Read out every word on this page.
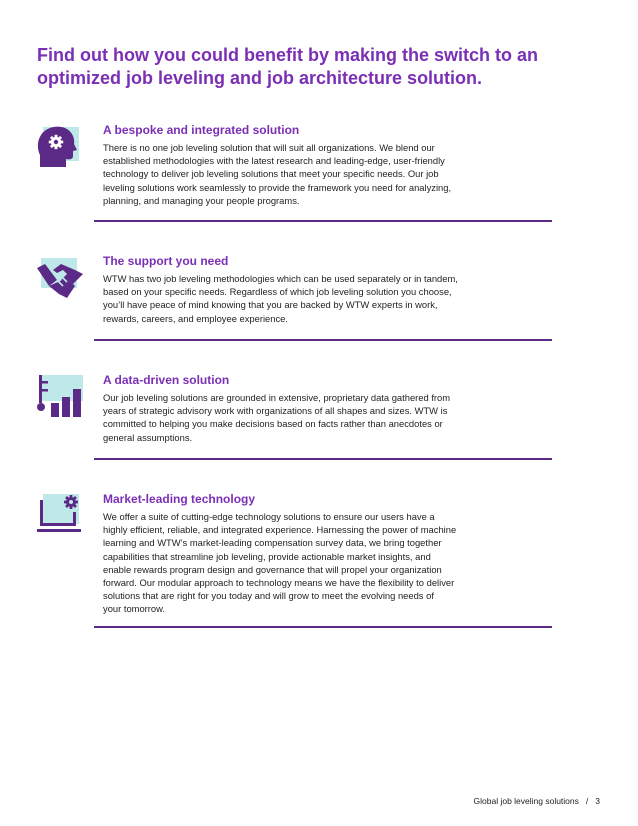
Find out how you could benefit by making the switch to an optimized job leveling and job architecture solution.
A bespoke and integrated solution
There is no one job leveling solution that will suit all organizations. We blend our
established methodologies with the latest research and leading-edge, user-friendly
technology to deliver job leveling solutions that meet your specific needs. Our job
leveling solutions work seamlessly to provide the framework you need for analyzing,
planning, and managing your people programs.
The support you need
WTW has two job leveling methodologies which can be used separately or in tandem,
based on your specific needs. Regardless of which job leveling solution you choose,
you’ll have peace of mind knowing that you are backed by WTW experts in work,
rewards, careers, and employee experience.
A data-driven solution
Our job leveling solutions are grounded in extensive, proprietary data gathered from
years of strategic advisory work with organizations of all shapes and sizes. WTW is
committed to helping you make decisions based on facts rather than anecdotes or
general assumptions.
Market-leading technology
We offer a suite of cutting-edge technology solutions to ensure our users have a
highly efficient, reliable, and integrated experience. Harnessing the power of machine
learning and WTW’s market-leading compensation survey data, we bring together
capabilities that streamline job leveling, provide actionable market insights, and
enable rewards program design and governance that will propel your organization
forward. Our modular approach to technology means we have the flexibility to deliver
solutions that are right for you today and will grow to meet the evolving needs of
your tomorrow.
Global job leveling solutions / 3
